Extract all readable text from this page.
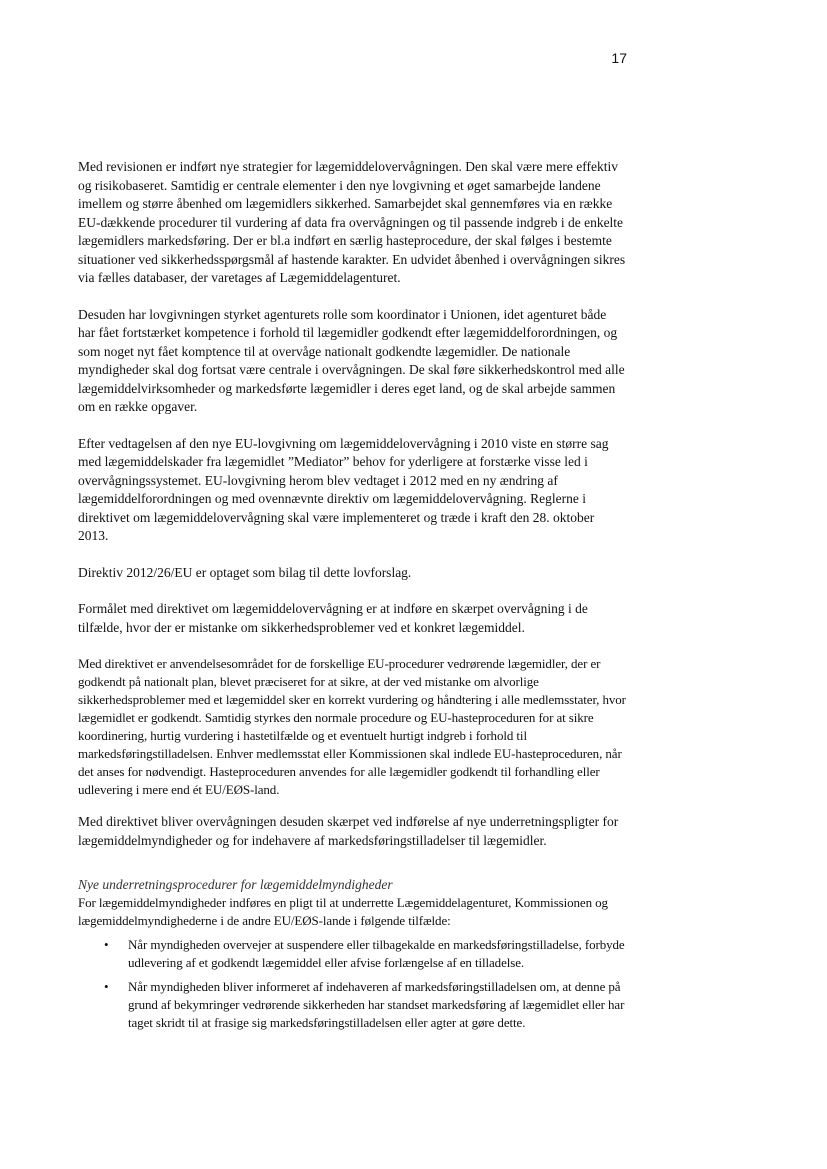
17

Med revisionen er indført nye strategier for lægemiddelovervågningen. Den skal være mere effektiv og risikobaseret. Samtidig er centrale elementer i den nye lovgivning et øget samarbejde landene imellem og større åbenhed om lægemidlers sikkerhed. Samarbejdet skal gennemføres via en række EU-dækkende procedurer til vurdering af data fra overvågningen og til passende indgreb i de enkelte lægemidlers markedsføring. Der er bl.a indført en særlig hasteprocedure, der skal følges i bestemte situationer ved sikkerhedsspørgsmål af hastende karakter. En udvidet åbenhed i overvågningen sikres via fælles databaser, der varetages af Lægemiddelagenturet.

Desuden har lovgivningen styrket agenturets rolle som koordinator i Unionen, idet agenturet både har fået fortstærket kompetence i forhold til lægemidler godkendt efter lægemiddelforordningen, og som noget nyt fået komptence til at overvåge nationalt godkendte lægemidler. De nationale myndigheder skal dog fortsat være centrale i overvågningen. De skal føre sikkerhedskontrol med alle lægemiddelvirksomheder og markedsførte lægemidler i deres eget land, og de skal arbejde sammen om en række opgaver.

Efter vedtagelsen af den nye EU-lovgivning om lægemiddelovervågning i 2010 viste en større sag med lægemiddelskader fra lægemidlet ”Mediator” behov for yderligere at forstærke visse led i overvågningssystemet. EU-lovgivning herom blev vedtaget i 2012 med en ny ændring af lægemiddelforordningen og med ovennævnte direktiv om lægemiddelovervågning. Reglerne i direktivet om lægemiddelovervågning skal være implementeret og træde i kraft den 28. oktober 2013.

Direktiv 2012/26/EU er optaget som bilag til dette lovforslag.

Formålet med direktivet om lægemiddelovervågning er at indføre en skærpet overvågning i de tilfælde, hvor der er mistanke om sikkerhedsproblemer ved et konkret lægemiddel.

Med direktivet er anvendelsesområdet for de forskellige EU-procedurer vedrørende lægemidler, der er godkendt på nationalt plan, blevet præciseret for at sikre, at der ved mistanke om alvorlige sikkerhedsproblemer med et lægemiddel sker en korrekt vurdering og håndtering i alle medlemsstater, hvor lægemidlet er godkendt. Samtidig styrkes den normale procedure og EU-hasteproceduren for at sikre koordinering, hurtig vurdering i hastetilfælde og et eventuelt hurtigt indgreb i forhold til markedsføringstilladelsen. Enhver medlemsstat eller Kommissionen skal indlede EU-hasteproceduren, når det anses for nødvendigt. Hasteproceduren anvendes for alle lægemidler godkendt til forhandling eller udlevering i mere end ét EU/EØS-land.

Med direktivet bliver overvågningen desuden skærpet ved indførelse af nye underretningspligter for lægemiddelmyndigheder og for indehavere af markedsføringstilladelser til lægemidler.

Nye underretningsprocedurer for lægemiddelmyndigheder

For lægemiddelmyndigheder indføres en pligt til at underrette Lægemiddelagenturet, Kommissionen og lægemiddelmyndighederne i de andre EU/EØS-lande i følgende tilfælde:

• Når myndigheden overvejer at suspendere eller tilbagekalde en markedsføringstilladelse, forbyde udlevering af et godkendt lægemiddel eller afvise forlængelse af en tilladelse.
• Når myndigheden bliver informeret af indehaveren af markedsføringstilladelsen om, at denne på grund af bekymringer vedrørende sikkerheden har standset markedsføring af lægemidlet eller har taget skridt til at frasige sig markedsføringstilladelsen eller agter at gøre dette.
